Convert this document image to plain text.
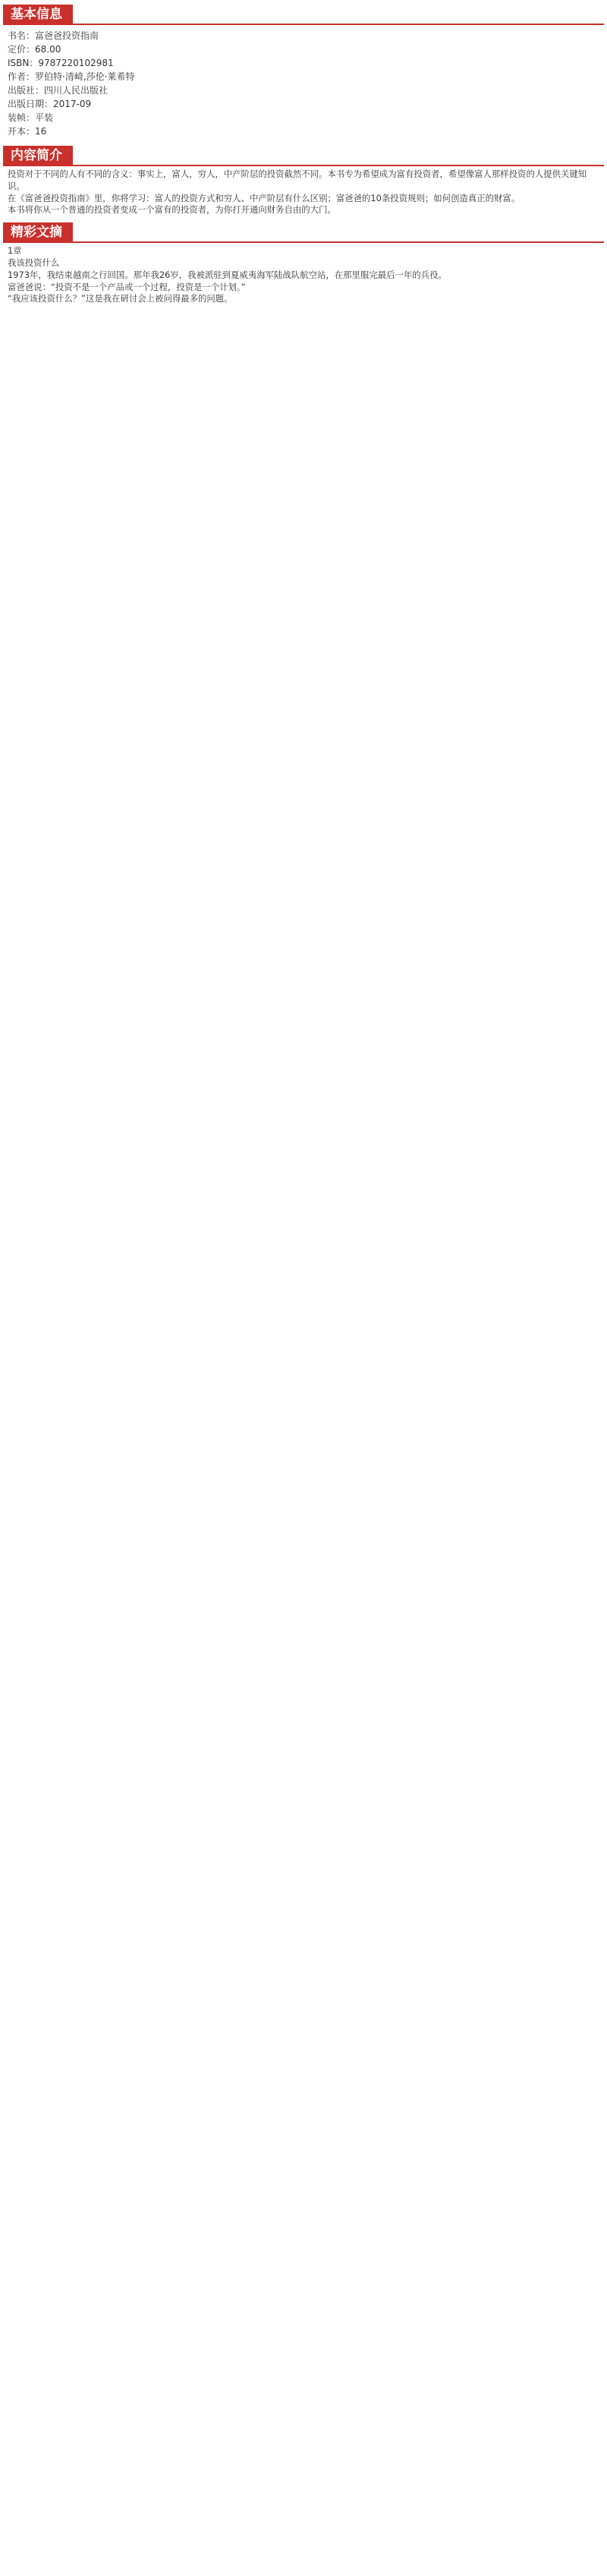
基本信息
书名：富爸爸投资指南
定价：68.00
ISBN：9787220102981
作者：罗伯特·清崎,莎伦·莱希特
出版社：四川人民出版社
出版日期：2017-09
装帧：平装
开本：16
内容简介

投资对于不同的人有不同的含义：事实上，富人，穷人，中产阶层的投资截然不同。本书专为希望成为富有投资者，希望像富人那样投资的人提供关键知识。

在《富爸爸投资指南》里，你将学习：富人的投资方式和穷人、中产阶层有什么区别；富爸爸的10条投资规则；如何创造真正的财富。

本书将你从一个普通的投资者变成一个富有的投资者，为你打开通向财务自由的大门。

精彩文摘

1章

我该投资什么

1973年，我结束越南之行回国。那年我26岁，我被派驻到夏威夷海军陆战队航空站，在那里服完最后一年的兵役。

富爸爸说：“投资不是一个产品或一个过程，投资是一个计划。”

“我应该投资什么？”这是我在研讨会上被问得最多的问题。
